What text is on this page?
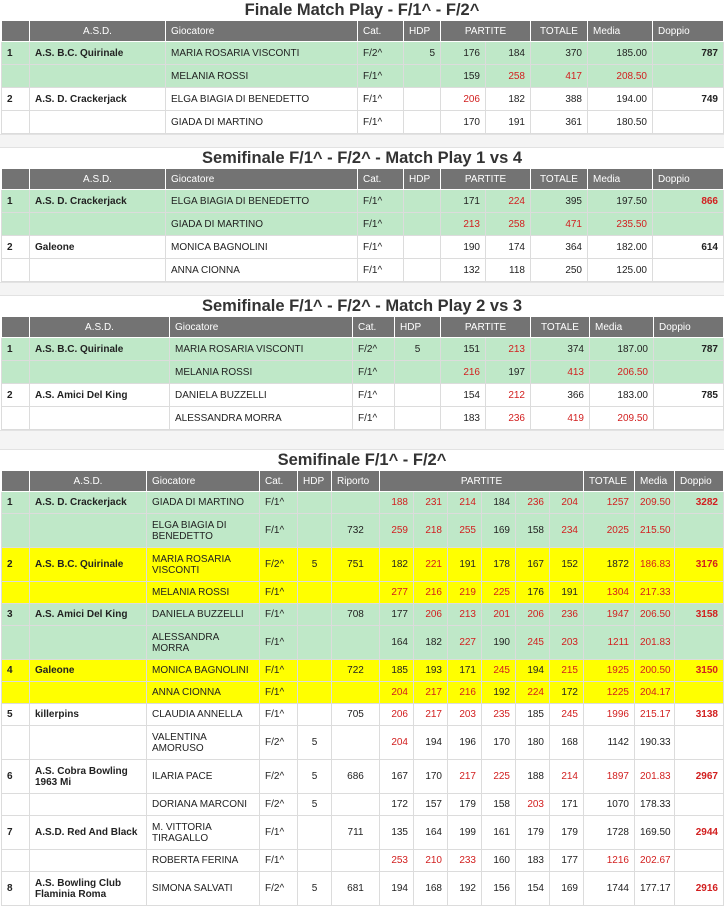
Finale Match Play - F/1^ - F/2^
	A.S.D.	Giocatore	Cat.	HDP	PARTITE		TOTALE	Media	Doppio
1	A.S. B.C. Quirinale	MARIA ROSARIA VISCONTI	F/2^	5	176	184	370	185.00	787
		MELANIA ROSSI	F/1^		159	258	417	208.50	
2	A.S. D. Crackerjack	ELGA BIAGIA DI BENEDETTO	F/1^		206	182	388	194.00	749
		GIADA DI MARTINO	F/1^		170	191	361	180.50	
Semifinale F/1^ - F/2^ - Match Play 1 vs 4
	A.S.D.	Giocatore	Cat.	HDP	PARTITE		TOTALE	Media	Doppio
1	A.S. D. Crackerjack	ELGA BIAGIA DI BENEDETTO	F/1^		171	224	395	197.50	866
		GIADA DI MARTINO	F/1^		213	258	471	235.50	
2	Galeone	MONICA BAGNOLINI	F/1^		190	174	364	182.00	614
		ANNA CIONNA	F/1^		132	118	250	125.00	
Semifinale F/1^ - F/2^ - Match Play 2 vs 3
	A.S.D.	Giocatore	Cat.	HDP	PARTITE		TOTALE	Media	Doppio
1	A.S. B.C. Quirinale	MARIA ROSARIA VISCONTI	F/2^	5	151	213	374	187.00	787
		MELANIA ROSSI	F/1^		216	197	413	206.50	
2	A.S. Amici Del King	DANIELA BUZZELLI	F/1^		154	212	366	183.00	785
		ALESSANDRA MORRA	F/1^		183	236	419	209.50	
Semifinale F/1^ - F/2^
	A.S.D.	Giocatore	Cat.	HDP	Riporto	PARTITE						TOTALE	Media	Doppio
1	A.S. D. Crackerjack	GIADA DI MARTINO	F/1^			188	231	214	184	236	204	1257	209.50	3282
		ELGA BIAGIA DI BENEDETTO	F/1^		732	259	218	255	169	158	234	2025	215.50	
2	A.S. B.C. Quirinale	MARIA ROSARIA VISCONTI	F/2^	5	751	182	221	191	178	167	152	1872	186.83	3176
		MELANIA ROSSI	F/1^			277	216	219	225	176	191	1304	217.33	
3	A.S. Amici Del King	DANIELA BUZZELLI	F/1^		708	177	206	213	201	206	236	1947	206.50	3158
		ALESSANDRA MORRA	F/1^			164	182	227	190	245	203	1211	201.83	
4	Galeone	MONICA BAGNOLINI	F/1^		722	185	193	171	245	194	215	1925	200.50	3150
		ANNA CIONNA	F/1^			204	217	216	192	224	172	1225	204.17	
5	killerpins	CLAUDIA ANNELLA	F/1^		705	206	217	203	235	185	245	1996	215.17	3138
		VALENTINA AMORUSO	F/2^	5		204	194	196	170	180	168	1142	190.33	
6	A.S. Cobra Bowling 1963 Mi	ILARIA PACE	F/2^	5	686	167	170	217	225	188	214	1897	201.83	2967
		DORIANA MARCONI	F/2^	5		172	157	179	158	203	171	1070	178.33	
7	A.S.D. Red And Black	M. VITTORIA TIRAGALLO	F/1^		711	135	164	199	161	179	179	1728	169.50	2944
		ROBERTA FERINA	F/1^			253	210	233	160	183	177	1216	202.67	
8	A.S. Bowling Club Flaminia Roma	SIMONA SALVATI	F/2^	5	681	194	168	192	156	154	169	1744	177.17	2916
